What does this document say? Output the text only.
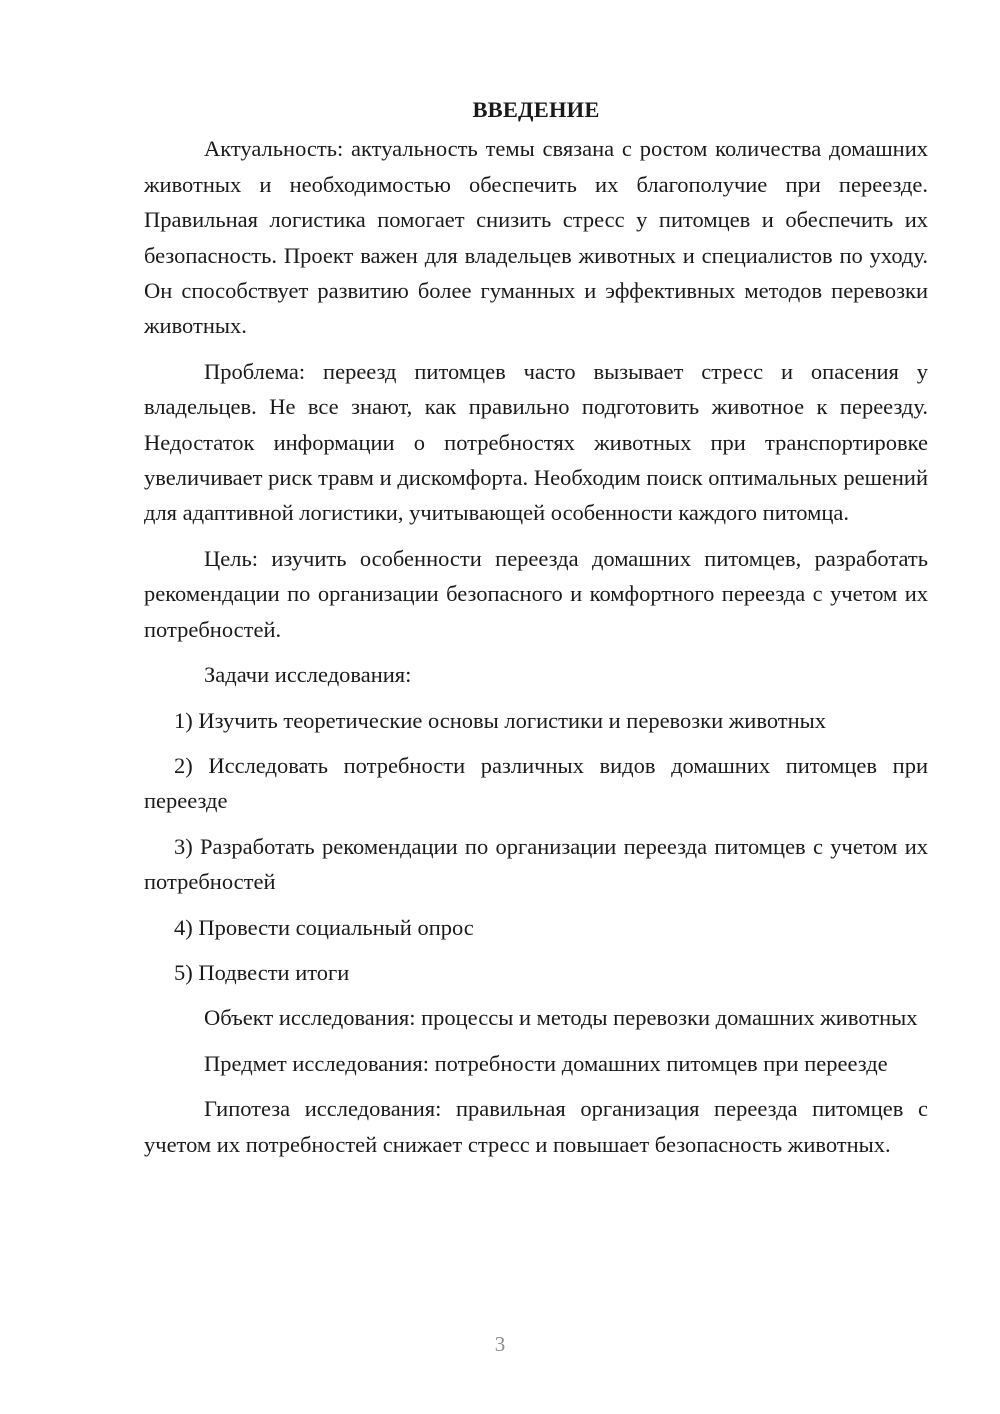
ВВЕДЕНИЕ

Актуальность: актуальность темы связана с ростом количества домашних животных и необходимостью обеспечить их благополучие при переезде. Правильная логистика помогает снизить стресс у питомцев и обеспечить их безопасность. Проект важен для владельцев животных и специалистов по уходу. Он способствует развитию более гуманных и эффективных методов перевозки животных.

Проблема: переезд питомцев часто вызывает стресс и опасения у владельцев. Не все знают, как правильно подготовить животное к переезду. Недостаток информации о потребностях животных при транспортировке увеличивает риск травм и дискомфорта. Необходим поиск оптимальных решений для адаптивной логистики, учитывающей особенности каждого питомца.

Цель: изучить особенности переезда домашних питомцев, разработать рекомендации по организации безопасного и комфортного переезда с учетом их потребностей.

Задачи исследования:

1) Изучить теоретические основы логистики и перевозки животных

2) Исследовать потребности различных видов домашних питомцев при переезде

3) Разработать рекомендации по организации переезда питомцев с учетом их потребностей

4) Провести социальный опрос

5) Подвести итоги

Объект исследования: процессы и методы перевозки домашних животных

Предмет исследования: потребности домашних питомцев при переезде

Гипотеза исследования: правильная организация переезда питомцев с учетом их потребностей снижает стресс и повышает безопасность животных.

3
